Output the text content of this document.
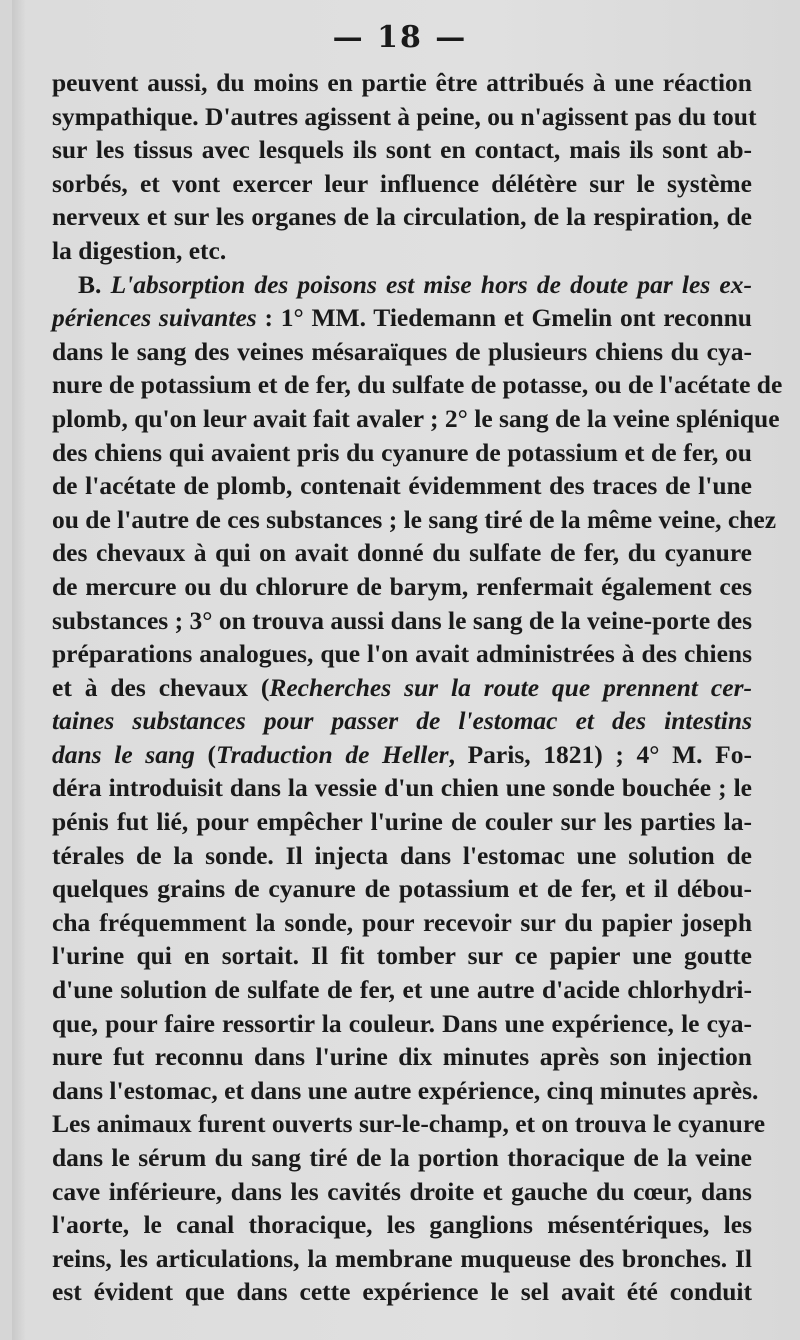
— 18 —
peuvent aussi, du moins en partie être attribués à une réaction
sympathique. D'autres agissent à peine, ou n'agissent pas du tout
sur les tissus avec lesquels ils sont en contact, mais ils sont ab-
sorbés, et vont exercer leur influence délétère sur le système
nerveux et sur les organes de la circulation, de la respiration, de
la digestion, etc.
B. L'absorption des poisons est mise hors de doute par les ex-
périences suivantes : 1° MM. Tiedemann et Gmelin ont reconnu
dans le sang des veines mésaraïques de plusieurs chiens du cya-
nure de potassium et de fer, du sulfate de potasse, ou de l'acétate de
plomb, qu'on leur avait fait avaler ; 2° le sang de la veine splénique
des chiens qui avaient pris du cyanure de potassium et de fer, ou
de l'acétate de plomb, contenait évidemment des traces de l'une
ou de l'autre de ces substances ; le sang tiré de la même veine, chez
des chevaux à qui on avait donné du sulfate de fer, du cyanure
de mercure ou du chlorure de barym, renfermait également ces
substances ; 3° on trouva aussi dans le sang de la veine-porte des
préparations analogues, que l'on avait administrées à des chiens
et à des chevaux (Recherches sur la route que prennent cer-
taines substances pour passer de l'estomac et des intestins
dans le sang (Traduction de Heller, Paris, 1821) ; 4° M. Fo-
déra introduisit dans la vessie d'un chien une sonde bouchée ; le
pénis fut lié, pour empêcher l'urine de couler sur les parties la-
térales de la sonde. Il injecta dans l'estomac une solution de
quelques grains de cyanure de potassium et de fer, et il débou-
cha fréquemment la sonde, pour recevoir sur du papier joseph
l'urine qui en sortait. Il fit tomber sur ce papier une goutte
d'une solution de sulfate de fer, et une autre d'acide chlorhydri-
que, pour faire ressortir la couleur. Dans une expérience, le cya-
nure fut reconnu dans l'urine dix minutes après son injection
dans l'estomac, et dans une autre expérience, cinq minutes après.
Les animaux furent ouverts sur-le-champ, et on trouva le cyanure
dans le sérum du sang tiré de la portion thoracique de la veine
cave inférieure, dans les cavités droite et gauche du cœur, dans
l'aorte, le canal thoracique, les ganglions mésentériques, les
reins, les articulations, la membrane muqueuse des bronches. Il
est évident que dans cette expérience le sel avait été conduit
